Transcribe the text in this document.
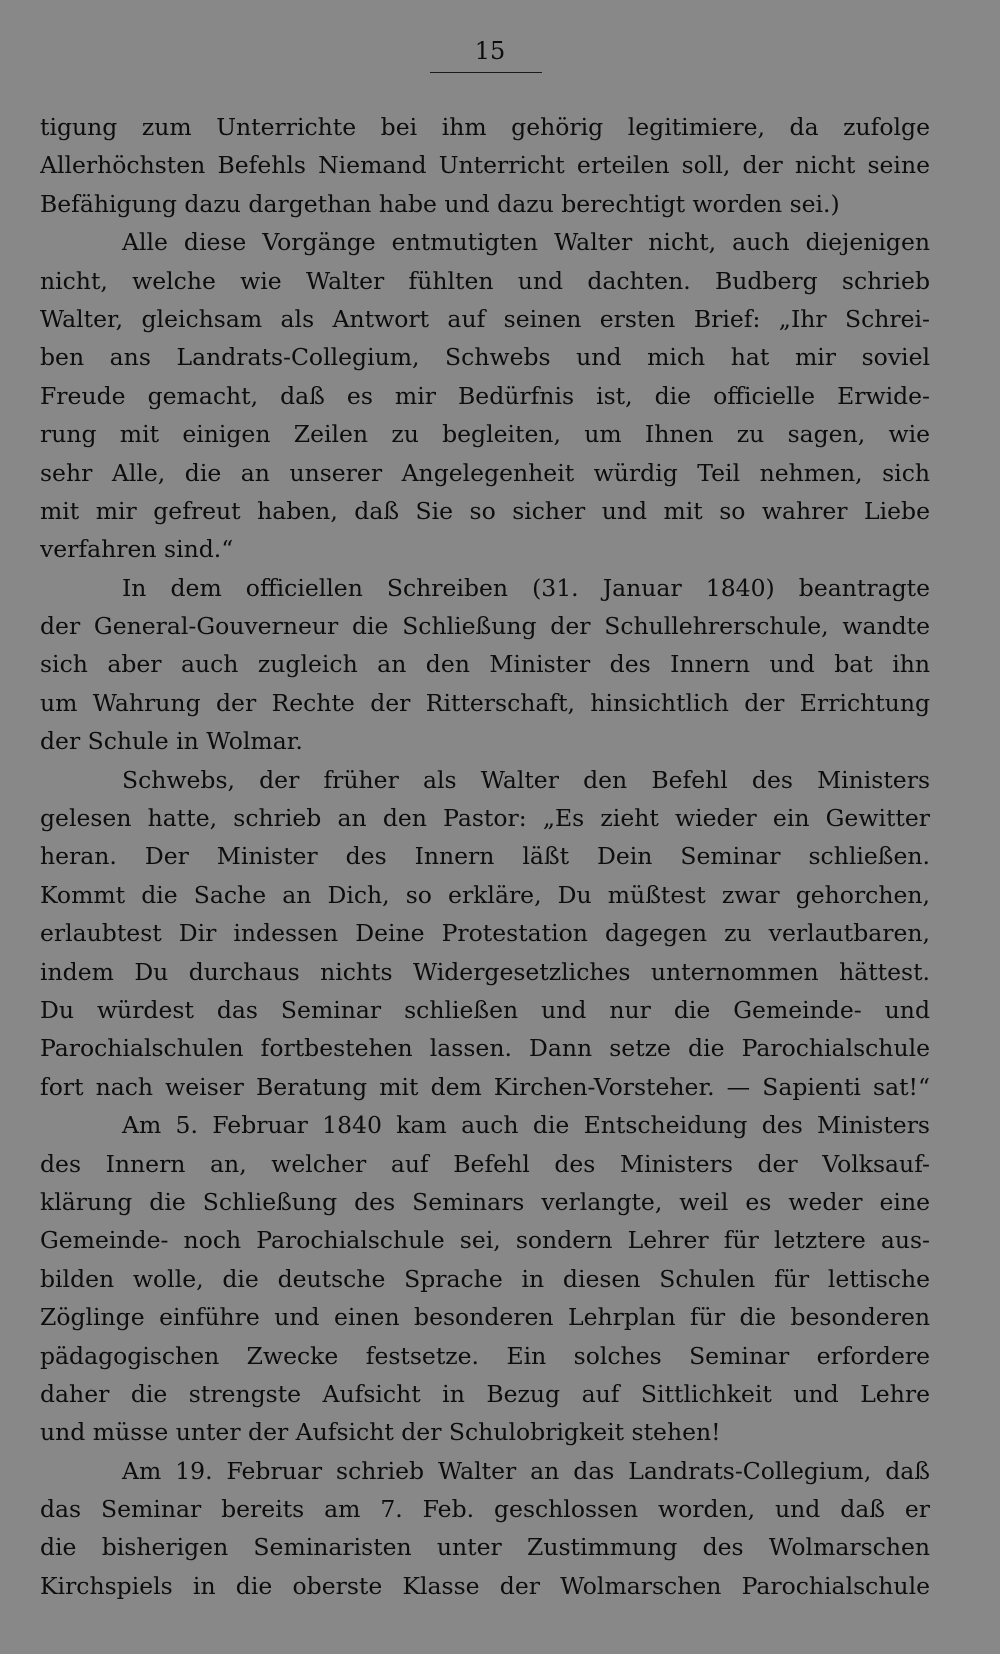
15
tigung zum Unterrichte bei ihm gehörig legitimiere, da zufolge
Allerhöchsten Befehls Niemand Unterricht erteilen soll, der nicht seine
Befähigung dazu dargethan habe und dazu berechtigt worden sei.)
Alle diese Vorgänge entmutigten Walter nicht, auch diejenigen
nicht, welche wie Walter fühlten und dachten. Budberg schrieb
Walter, gleichsam als Antwort auf seinen ersten Brief: „Ihr Schrei-
ben ans Landrats-Collegium, Schwebs und mich hat mir soviel
Freude gemacht, daß es mir Bedürfnis ist, die officielle Erwide-
rung mit einigen Zeilen zu begleiten, um Ihnen zu sagen, wie
sehr Alle, die an unserer Angelegenheit würdig Teil nehmen, sich
mit mir gefreut haben, daß Sie so sicher und mit so wahrer Liebe
verfahren sind.“
In dem officiellen Schreiben (31. Januar 1840) beantragte
der General-Gouverneur die Schließung der Schullehrerschule, wandte
sich aber auch zugleich an den Minister des Innern und bat ihn
um Wahrung der Rechte der Ritterschaft, hinsichtlich der Errichtung
der Schule in Wolmar.
Schwebs, der früher als Walter den Befehl des Ministers
gelesen hatte, schrieb an den Pastor: „Es zieht wieder ein Gewitter
heran. Der Minister des Innern läßt Dein Seminar schließen.
Kommt die Sache an Dich, so erkläre, Du müßtest zwar gehorchen,
erlaubtest Dir indessen Deine Protestation dagegen zu verlautbaren,
indem Du durchaus nichts Widergesetzliches unternommen hättest.
Du würdest das Seminar schließen und nur die Gemeinde- und
Parochialschulen fortbestehen lassen. Dann setze die Parochialschule
fort nach weiser Beratung mit dem Kirchen-Vorsteher. — Sapienti sat!“
Am 5. Februar 1840 kam auch die Entscheidung des Ministers
des Innern an, welcher auf Befehl des Ministers der Volksauf-
klärung die Schließung des Seminars verlangte, weil es weder eine
Gemeinde- noch Parochialschule sei, sondern Lehrer für letztere aus-
bilden wolle, die deutsche Sprache in diesen Schulen für lettische
Zöglinge einführe und einen besonderen Lehrplan für die besonderen
pädagogischen Zwecke festsetze. Ein solches Seminar erfordere
daher die strengste Aufsicht in Bezug auf Sittlichkeit und Lehre
und müsse unter der Aufsicht der Schulobrigkeit stehen!
Am 19. Februar schrieb Walter an das Landrats-Collegium, daß
das Seminar bereits am 7. Feb. geschlossen worden, und daß er
die bisherigen Seminaristen unter Zustimmung des Wolmarschen
Kirchspiels in die oberste Klasse der Wolmarschen Parochialschule
